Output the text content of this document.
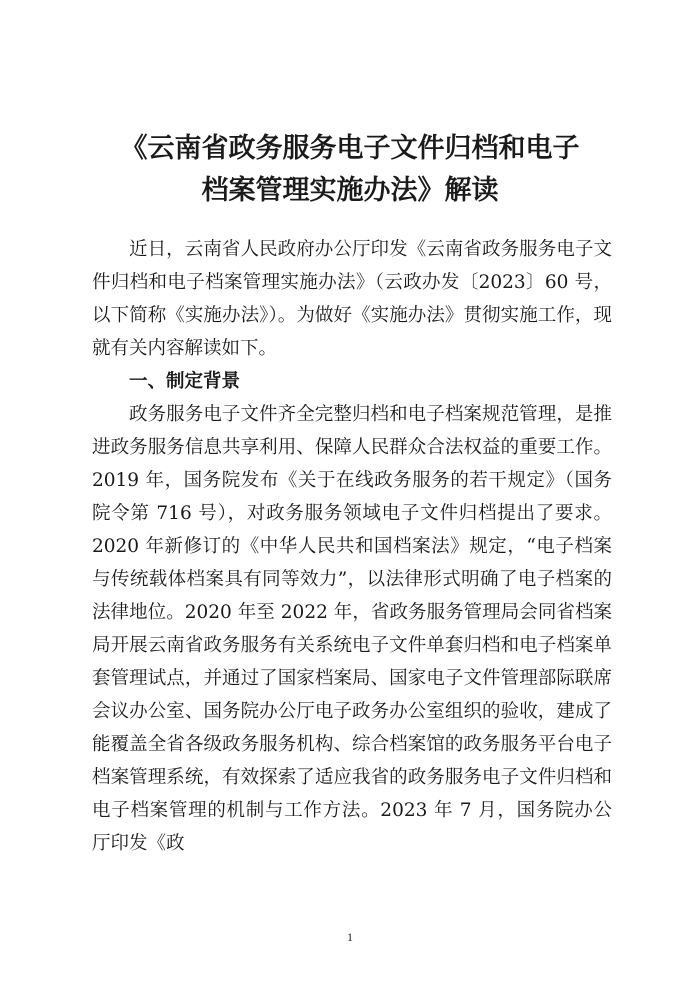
《云南省政务服务电子文件归档和电子
档案管理实施办法》解读

近日，云南省人民政府办公厅印发《云南省政务服务电子文件归档和电子档案管理实施办法》（云政办发〔2023〕60 号，以下简称《实施办法》）。为做好《实施办法》贯彻实施工作，现就有关内容解读如下。

一、制定背景

政务服务电子文件齐全完整归档和电子档案规范管理，是推进政务服务信息共享利用、保障人民群众合法权益的重要工作。2019 年，国务院发布《关于在线政务服务的若干规定》（国务院令第 716 号），对政务服务领域电子文件归档提出了要求。2020 年新修订的《中华人民共和国档案法》规定，“电子档案与传统载体档案具有同等效力”，以法律形式明确了电子档案的法律地位。2020 年至 2022 年，省政务服务管理局会同省档案局开展云南省政务服务有关系统电子文件单套归档和电子档案单套管理试点，并通过了国家档案局、国家电子文件管理部际联席会议办公室、国务院办公厅电子政务办公室组织的验收，建成了能覆盖全省各级政务服务机构、综合档案馆的政务服务平台电子档案管理系统，有效探索了适应我省的政务服务电子文件归档和电子档案管理的机制与工作方法。2023 年 7 月，国务院办公厅印发《政

1
